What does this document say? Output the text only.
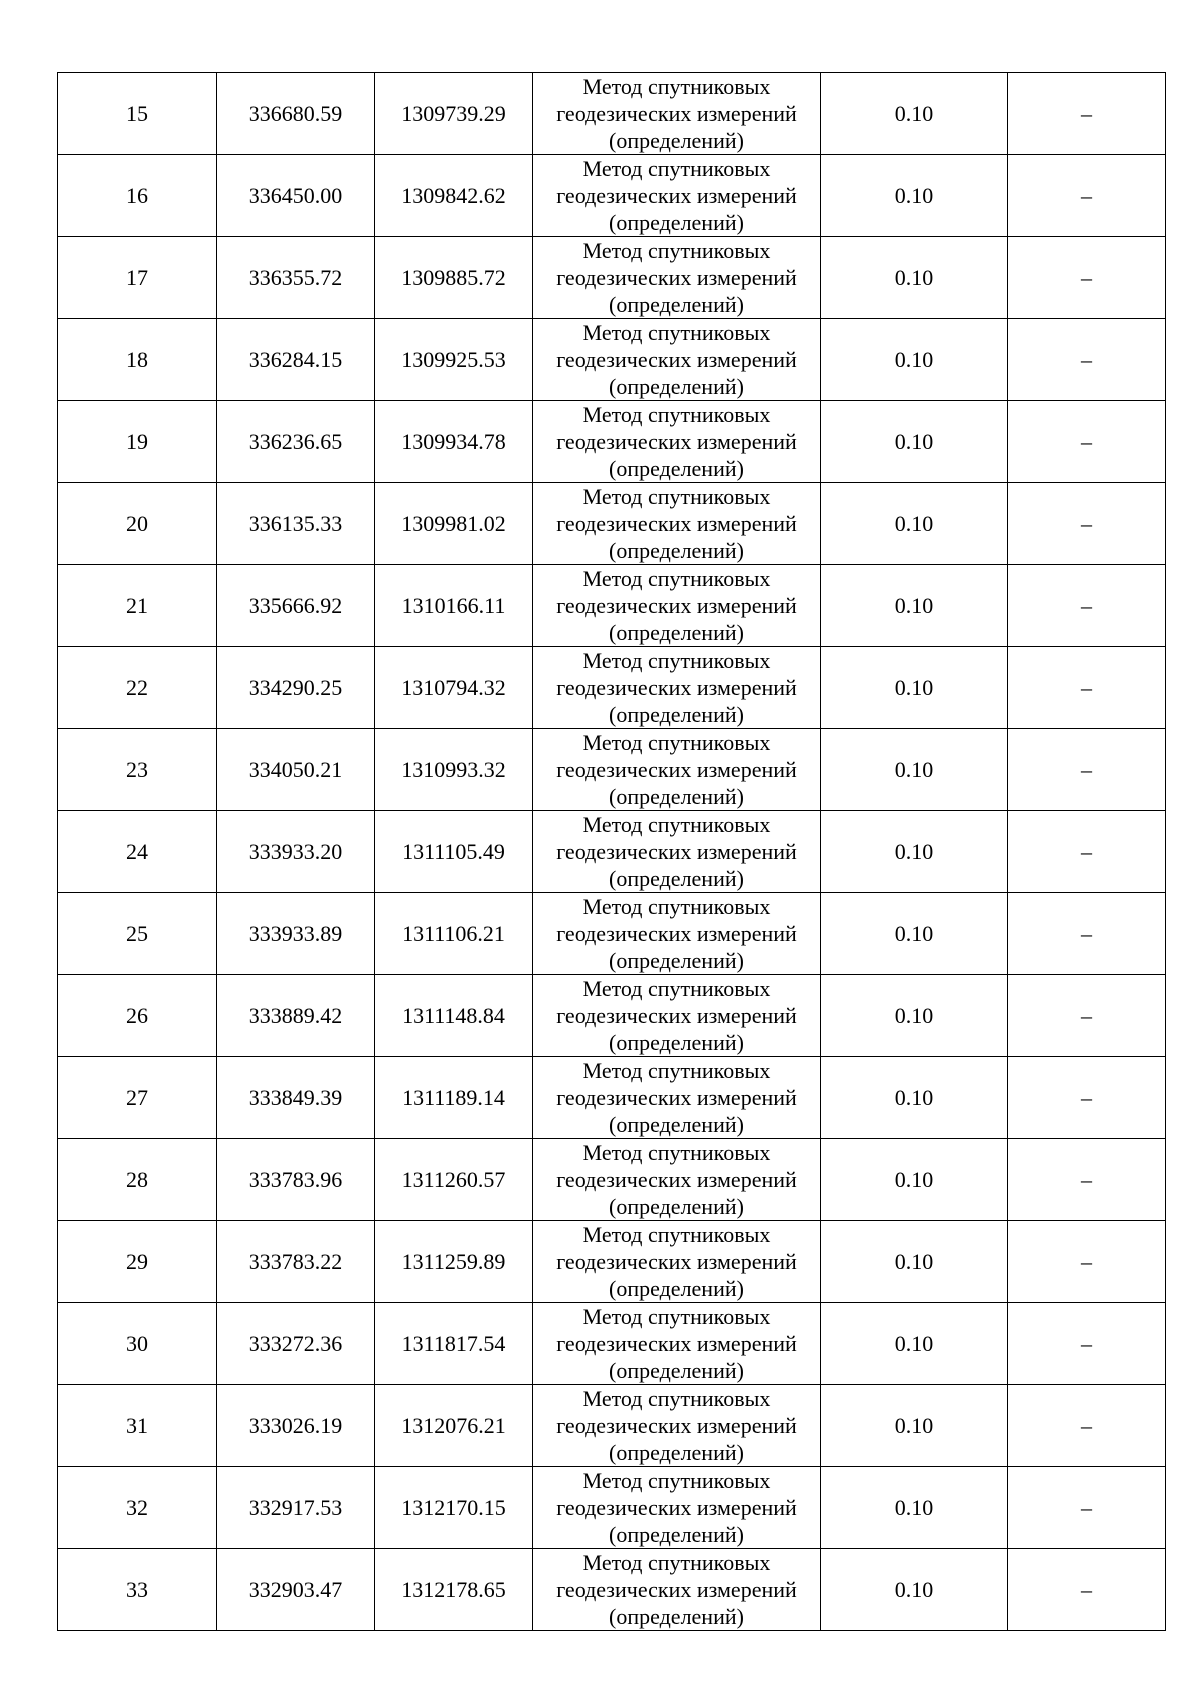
15	336680.59	1309739.29	Метод спутниковых
геодезических измерений
(определений)	0.10	–
16	336450.00	1309842.62	Метод спутниковых
геодезических измерений
(определений)	0.10	–
17	336355.72	1309885.72	Метод спутниковых
геодезических измерений
(определений)	0.10	–
18	336284.15	1309925.53	Метод спутниковых
геодезических измерений
(определений)	0.10	–
19	336236.65	1309934.78	Метод спутниковых
геодезических измерений
(определений)	0.10	–
20	336135.33	1309981.02	Метод спутниковых
геодезических измерений
(определений)	0.10	–
21	335666.92	1310166.11	Метод спутниковых
геодезических измерений
(определений)	0.10	–
22	334290.25	1310794.32	Метод спутниковых
геодезических измерений
(определений)	0.10	–
23	334050.21	1310993.32	Метод спутниковых
геодезических измерений
(определений)	0.10	–
24	333933.20	1311105.49	Метод спутниковых
геодезических измерений
(определений)	0.10	–
25	333933.89	1311106.21	Метод спутниковых
геодезических измерений
(определений)	0.10	–
26	333889.42	1311148.84	Метод спутниковых
геодезических измерений
(определений)	0.10	–
27	333849.39	1311189.14	Метод спутниковых
геодезических измерений
(определений)	0.10	–
28	333783.96	1311260.57	Метод спутниковых
геодезических измерений
(определений)	0.10	–
29	333783.22	1311259.89	Метод спутниковых
геодезических измерений
(определений)	0.10	–
30	333272.36	1311817.54	Метод спутниковых
геодезических измерений
(определений)	0.10	–
31	333026.19	1312076.21	Метод спутниковых
геодезических измерений
(определений)	0.10	–
32	332917.53	1312170.15	Метод спутниковых
геодезических измерений
(определений)	0.10	–
33	332903.47	1312178.65	Метод спутниковых
геодезических измерений
(определений)	0.10	–
